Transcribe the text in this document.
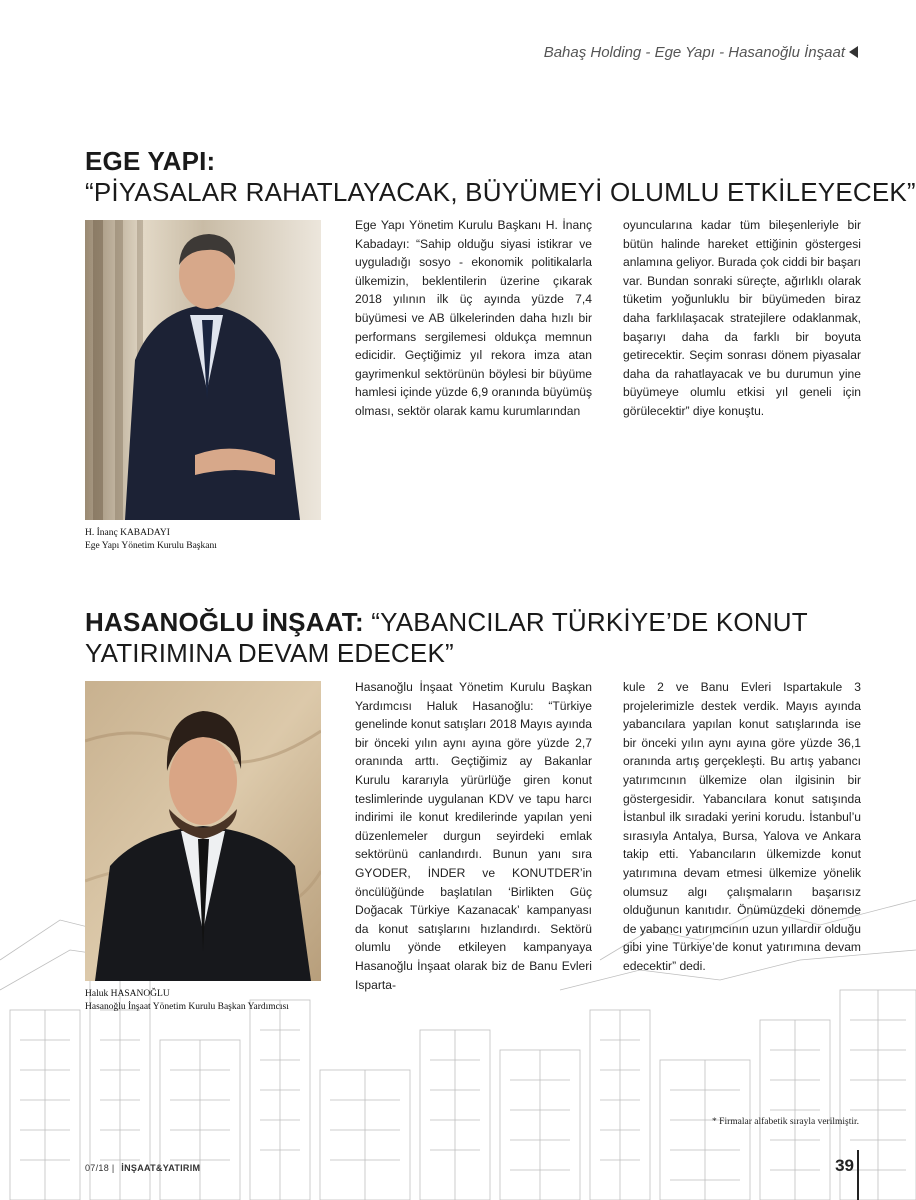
Bahaş Holding - Ege Yapı - Hasanoğlu İnşaat
EGE YAPI:
“PİYASALAR RAHATLAYACAK, BÜYÜMEYİ OLUMLU ETKİLEYECEK”
H. İnanç KABADAYI
Ege Yapı Yönetim Kurulu Başkanı

Ege Yapı Yönetim Kurulu Başkanı H. İnanç Kabadayı: “Sahip olduğu siyasi istikrar ve uyguladığı sosyo - ekonomik politikalarla ülkemizin, beklentilerin üzerine çıkarak 2018 yılının ilk üç ayında yüzde 7,4 büyümesi ve AB ülkelerinden daha hızlı bir performans sergilemesi oldukça memnun edicidir. Geçtiğimiz yıl rekora imza atan gayrimenkul sektörünün böylesi bir büyüme hamlesi içinde yüzde 6,9 oranında büyümüş olması, sektör olarak kamu kurumlarından

oyuncularına kadar tüm bileşenleriyle bir bütün halinde hareket ettiğinin göstergesi anlamına geliyor. Burada çok ciddi bir başarı var. Bundan sonraki süreçte, ağırlıklı olarak tüketim yoğunluklu bir büyümeden biraz daha farklılaşacak stratejilere odaklanmak, başarıyı daha da farklı bir boyuta getirecektir. Seçim sonrası dönem piyasalar daha da rahatlayacak ve bu durumun yine büyümeye olumlu etkisi yıl geneli için görülecektir” diye konuştu.

HASANOĞLU İNŞAAT: “YABANCILAR TÜRKİYE’DE KONUT
YATIRIMINA DEVAM EDECEK”
Haluk HASANOĞLU
Hasanoğlu İnşaat Yönetim Kurulu Başkan Yardımcısı

Hasanoğlu İnşaat Yönetim Kurulu Başkan Yardımcısı Haluk Hasanoğlu: “Türkiye genelinde konut satışları 2018 Mayıs ayında bir önceki yılın aynı ayına göre yüzde 2,7 oranında arttı. Geçtiğimiz ay Bakanlar Kurulu kararıyla yürürlüğe giren konut teslimlerinde uygulanan KDV ve tapu harcı indirimi ile konut kredilerinde yapılan yeni düzenlemeler durgun seyirdeki emlak sektörünü canlandırdı. Bunun yanı sıra GYODER, İNDER ve KONUTDER’in öncülüğünde başlatılan ‘Birlikten Güç Doğacak Türkiye Kazanacak’ kampanyası da konut satışlarını hızlandırdı. Sektörü olumlu yönde etkileyen kampanyaya Hasanoğlu İnşaat olarak biz de Banu Evleri Isparta-

kule 2 ve Banu Evleri Ispartakule 3 projelerimizle destek verdik. Mayıs ayında yabancılara yapılan konut satışlarında ise bir önceki yılın aynı ayına göre yüzde 36,1 oranında artış gerçekleşti. Bu artış yabancı yatırımcının ülkemize olan ilgisinin bir göstergesidir. Yabancılara konut satışında İstanbul ilk sıradaki yerini korudu. İstanbul’u sırasıyla Antalya, Bursa, Yalova ve Ankara takip etti. Yabancıların ülkemizde konut yatırımına devam etmesi ülkemize yönelik olumsuz algı çalışmaların başarısız olduğunun kanıtıdır. Önümüzdeki dönemde de yabancı yatırımcının uzun yıllardır olduğu gibi yine Türkiye’de konut yatırımına devam edecektir” dedi.

* Firmalar alfabetik sırayla verilmiştir.
07/18 | İNŞAAT&YATIRIM	39
